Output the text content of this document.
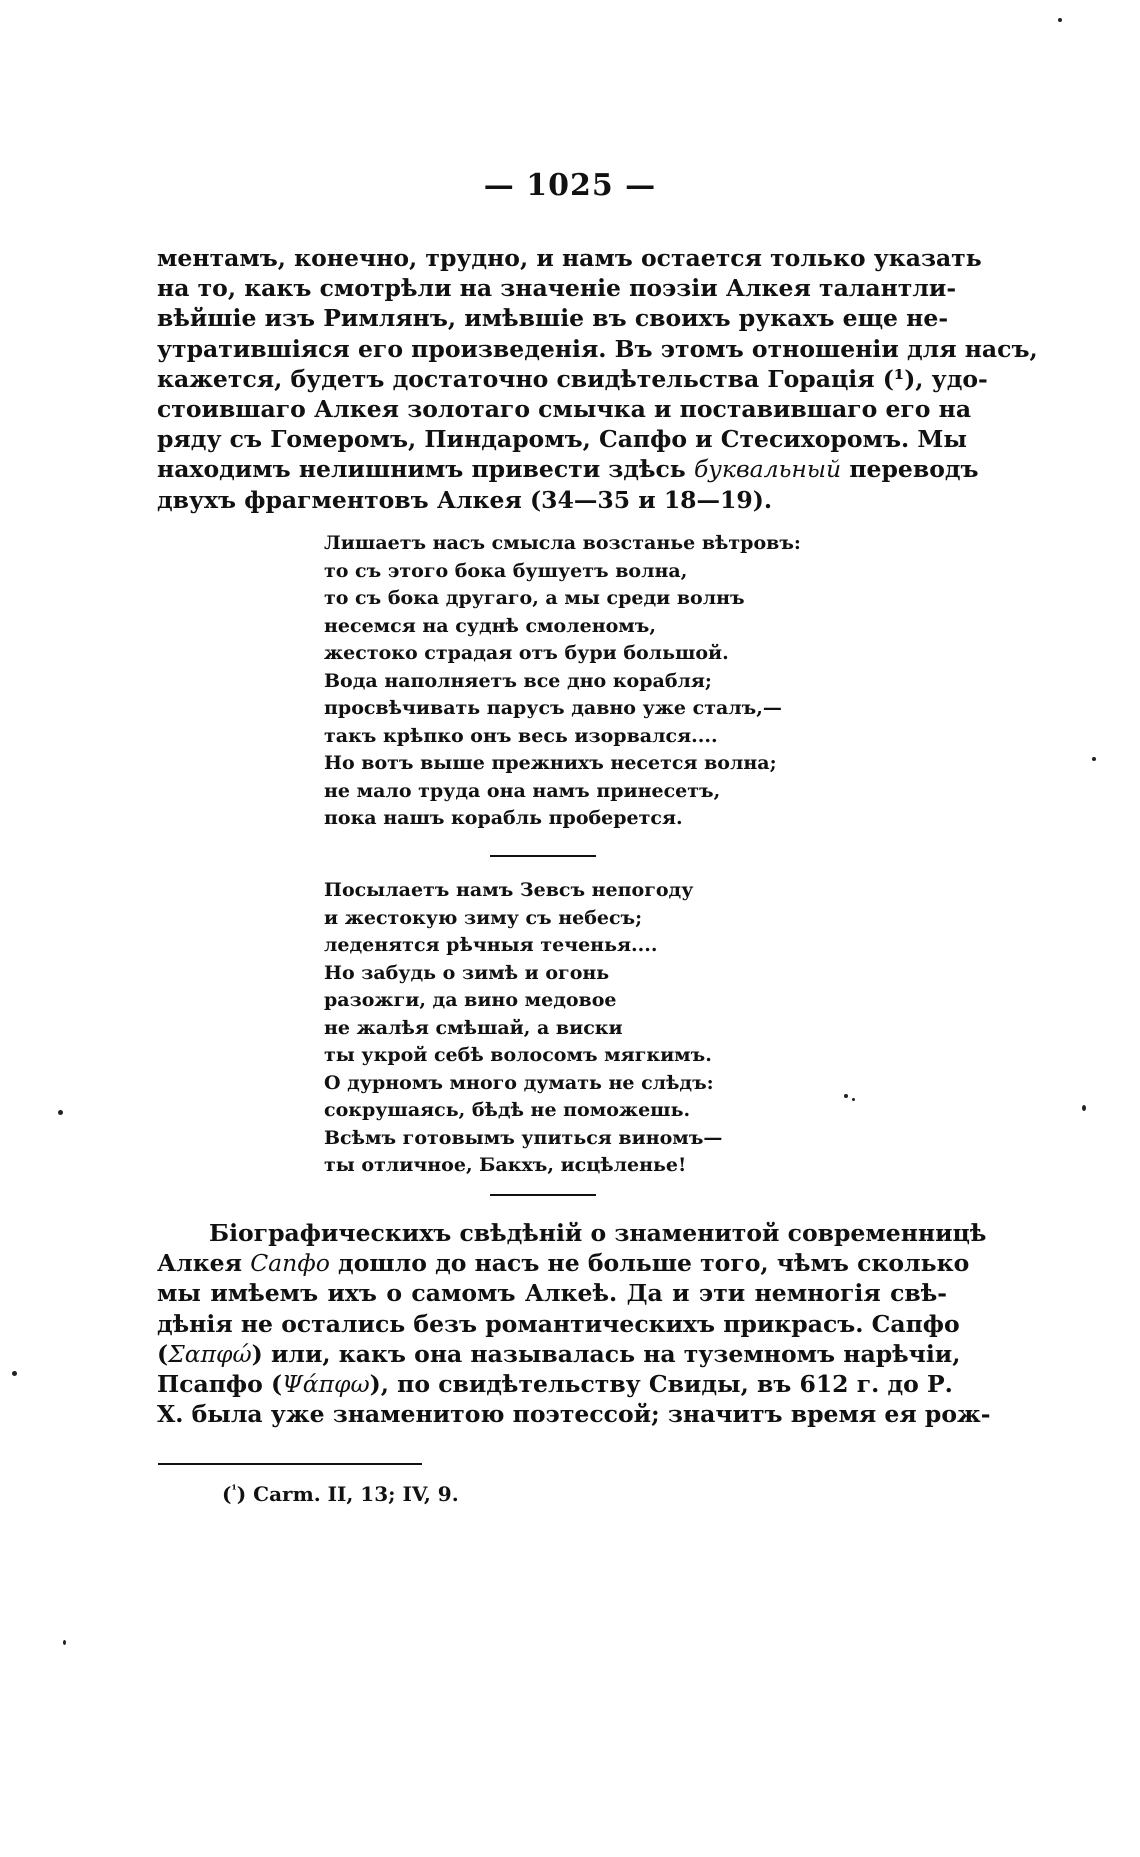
— 1025 —
ментамъ, конечно, трудно, и намъ остается только указать
на то, какъ смотрѣли на значеніе поэзіи Алкея талантли-
вѣйшіе изъ Римлянъ, имѣвшіе въ своихъ рукахъ еще не-
утратившіяся его произведенія. Въ этомъ отношеніи для насъ,
кажется, будетъ достаточно свидѣтельства Горація (¹), удо-
стоившаго Алкея золотаго смычка и поставившаго его на
ряду съ Гомеромъ, Пиндаромъ, Сапфо и Стесихоромъ. Мы
находимъ нелишнимъ привести здѣсь буквальный переводъ
двухъ фрагментовъ Алкея (34—35 и 18—19).
Лишаетъ насъ смысла возстанье вѣтровъ:
то съ этого бока бушуетъ волна,
то съ бока другаго, а мы среди волнъ
несемся на суднѣ смоленомъ,
жестоко страдая отъ бури большой.
Вода наполняетъ все дно корабля;
просвѣчивать парусъ давно уже сталъ,—
такъ крѣпко онъ весь изорвался....
Но вотъ выше прежнихъ несется волна;
не мало труда она намъ принесетъ,
пока нашъ корабль проберется.
Посылаетъ намъ Зевсъ непогоду
и жестокую зиму съ небесъ;
леденятся рѣчныя теченья....
Но забудь о зимѣ и огонь
разожги, да вино медовое
не жалѣя смѣшай, а виски
ты укрой себѣ волосомъ мягкимъ.
О дурномъ много думать не слѣдъ:
сокрушаясь, бѣдѣ не поможешь.
Всѣмъ готовымъ упиться виномъ—
ты отличное, Бакхъ, исцѣленье!
Біографическихъ свѣдѣній о знаменитой современницѣ
Алкея Сапфо дошло до насъ не больше того, чѣмъ сколько
мы имѣемъ ихъ о самомъ Алкеѣ. Да и эти немногія свѣ-
дѣнія не остались безъ романтическихъ прикрасъ. Сапфо
(Σαπφώ) или, какъ она называлась на туземномъ нарѣчіи,
Псапфо (Ψάπφω), по свидѣтельству Свиды, въ 612 г. до Р.
Х. была уже знаменитою поэтессой; значитъ время ея рож-
($^{^1}$) Carm. II, 13; IV, 9.
